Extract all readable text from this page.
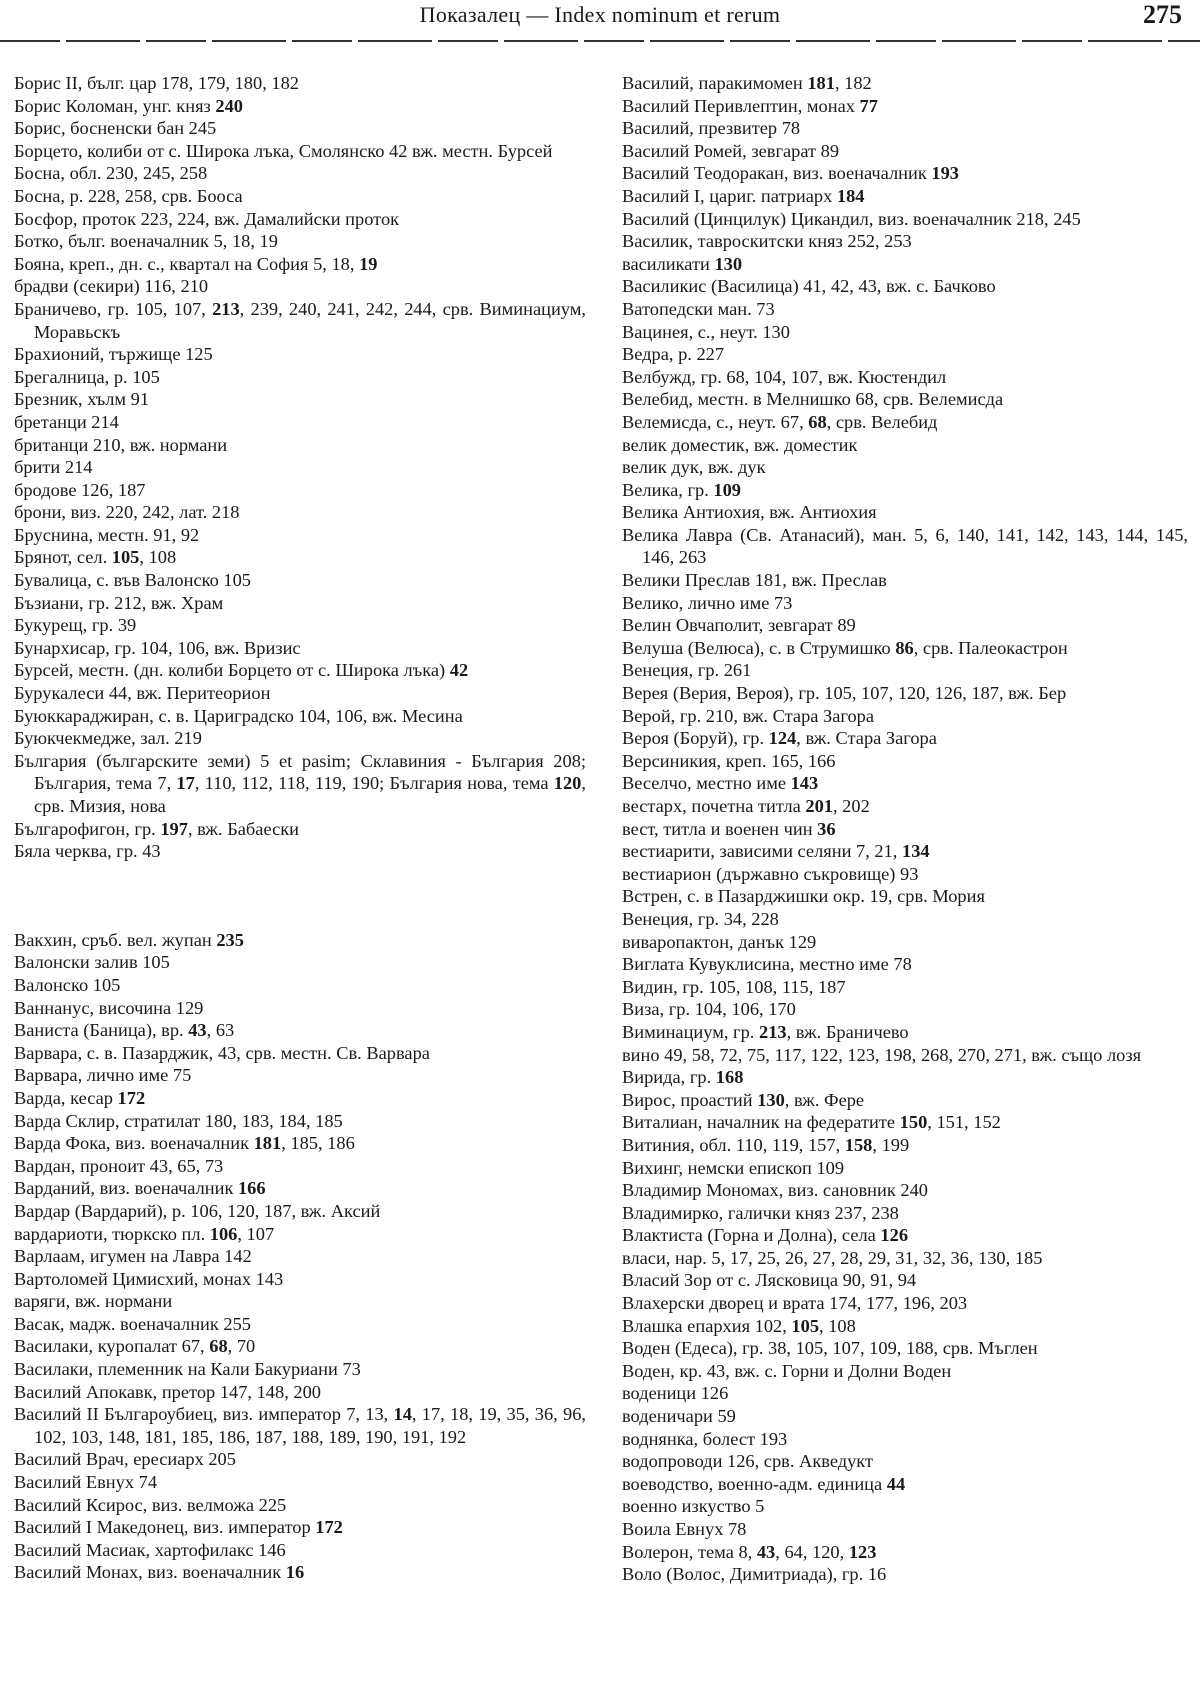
Показалец — Index nominum et rerum	275
Борис II, бълг. цар 178, 179, 180, 182
Борис Коломан, унг. княз 240
Борис, босненски бан 245
Борцето, колиби от с. Широка лъка, Смолянско 42 вж. местн. Бурсей
Босна, обл. 230, 245, 258
Босна, р. 228, 258, срв. Бооса
Босфор, проток 223, 224, вж. Дамалийски проток
Ботко, бълг. военачалник 5, 18, 19
Бояна, креп., дн. с., квартал на София 5, 18, 19
брадви (секири) 116, 210
Браничево, гр. 105, 107, 213, 239, 240, 241, 242, 244, срв. Виминациум, Моравьскъ
Брахионий, тържище 125
Брегалница, р. 105
Брезник, хълм 91
бретанци 214
британци 210, вж. нормани
брити 214
бродове 126, 187
брони, виз. 220, 242, лат. 218
Бруснина, местн. 91, 92
Брянот, сел. 105, 108
Бувалица, с. във Валонско 105
Бъзиани, гр. 212, вж. Храм
Букурещ, гр. 39
Бунархисар, гр. 104, 106, вж. Вризис
Бурсей, местн. (дн. колиби Борцето от с. Широка лъка) 42
Бурукалеси 44, вж. Перитеорион
Буюккараджиран, с. в. Цариградско 104, 106, вж. Месина
Буюкчекмедже, зал. 219
България (българските земи) 5 et pasim; Склавиния - България 208; България, тема 7, 17, 110, 112, 118, 119, 190; България нова, тема 120, срв. Мизия, нова
Българофигон, гр. 197, вж. Бабаески
Бяла черква, гр. 43
Вакхин, сръб. вел. жупан 235
Валонски залив 105
Валонско 105
Ваннанус, височина 129
Ваниста (Баница), вр. 43, 63
Варвара, с. в. Пазарджик, 43, срв. местн. Св. Варвара
Варвара, лично име 75
Варда, кесар 172
Варда Склир, стратилат 180, 183, 184, 185
Варда Фока, виз. военачалник 181, 185, 186
Вардан, проноит 43, 65, 73
Варданий, виз. военачалник 166
Вардар (Вардарий), р. 106, 120, 187, вж. Аксий
вардариоти, тюркско пл. 106, 107
Варлаам, игумен на Лавра 142
Вартоломей Цимисхий, монах 143
варяги, вж. нормани
Васак, мадж. военачалник 255
Василаки, куропалат 67, 68, 70
Василаки, племенник на Кали Бакуриани 73
Василий Апокавк, претор 147, 148, 200
Василий II Българоубиец, виз. император 7, 13, 14, 17, 18, 19, 35, 36, 96, 102, 103, 148, 181, 185, 186, 187, 188, 189, 190, 191, 192
Василий Врач, ересиарх 205
Василий Евнух 74
Василий Ксирос, виз. велможа 225
Василий I Македонец, виз. император 172
Василий Масиак, хартофилакс 146
Василий Монах, виз. военачалник 16
Василий, паракимомен 181, 182
Василий Перивлептин, монах 77
Василий, презвитер 78
Василий Ромей, зевгарат 89
Василий Теодоракан, виз. военачалник 193
Василий I, цариг. патриарх 184
Василий (Цинцилук) Цикандил, виз. военачалник 218, 245
Василик, тавроскитски княз 252, 253
василикати 130
Василикис (Василица) 41, 42, 43, вж. с. Бачково
Ватопедски ман. 73
Вацинея, с., неут. 130
Ведра, р. 227
Велбужд, гр. 68, 104, 107, вж. Кюстендил
Велебид, местн. в Мелнишко 68, срв. Велемисда
Велемисда, с., неут. 67, 68, срв. Велебид
велик доместик, вж. доместик
велик дук, вж. дук
Велика, гр. 109
Велика Антиохия, вж. Антиохия
Велика Лавра (Св. Атанасий), ман. 5, 6, 140, 141, 142, 143, 144, 145, 146, 263
Велики Преслав 181, вж. Преслав
Велико, лично име 73
Велин Овчаполит, зевгарат 89
Велуша (Велюса), с. в Струмишко 86, срв. Палеокастрон
Венеция, гр. 261
Верея (Верия, Вероя), гр. 105, 107, 120, 126, 187, вж. Бер
Верой, гр. 210, вж. Стара Загора
Вероя (Боруй), гр. 124, вж. Стара Загора
Версиникия, креп. 165, 166
Веселчо, местно име 143
вестарх, почетна титла 201, 202
вест, титла и военен чин 36
вестиарити, зависими селяни 7, 21, 134
вестиарион (държавно съкровище) 93
Встрен, с. в Пазарджишки окр. 19, срв. Мория
Венеция, гр. 34, 228
виваропактон, данък 129
Виглата Кувуклисина, местно име 78
Видин, гр. 105, 108, 115, 187
Виза, гр. 104, 106, 170
Виминациум, гр. 213, вж. Браничево
вино 49, 58, 72, 75, 117, 122, 123, 198, 268, 270, 271, вж. също лозя
Вирида, гр. 168
Вирос, проастий 130, вж. Фере
Виталиан, началник на федератите 150, 151, 152
Витиния, обл. 110, 119, 157, 158, 199
Вихинг, немски епископ 109
Владимир Мономах, виз. сановник 240
Владимирко, галички княз 237, 238
Влактиста (Горна и Долна), села 126
власи, нар. 5, 17, 25, 26, 27, 28, 29, 31, 32, 36, 130, 185
Власий Зор от с. Лясковица 90, 91, 94
Влахерски дворец и врата 174, 177, 196, 203
Влашка епархия 102, 105, 108
Воден (Едеса), гр. 38, 105, 107, 109, 188, срв. Мъглен
Воден, кр. 43, вж. с. Горни и Долни Воден
воденици 126
воденичари 59
воднянка, болест 193
водопроводи 126, срв. Акведукт
воеводство, военно-адм. единица 44
военно изкуство 5
Воила Евнух 78
Волерон, тема 8, 43, 64, 120, 123
Воло (Волос, Димитриада), гр. 16
